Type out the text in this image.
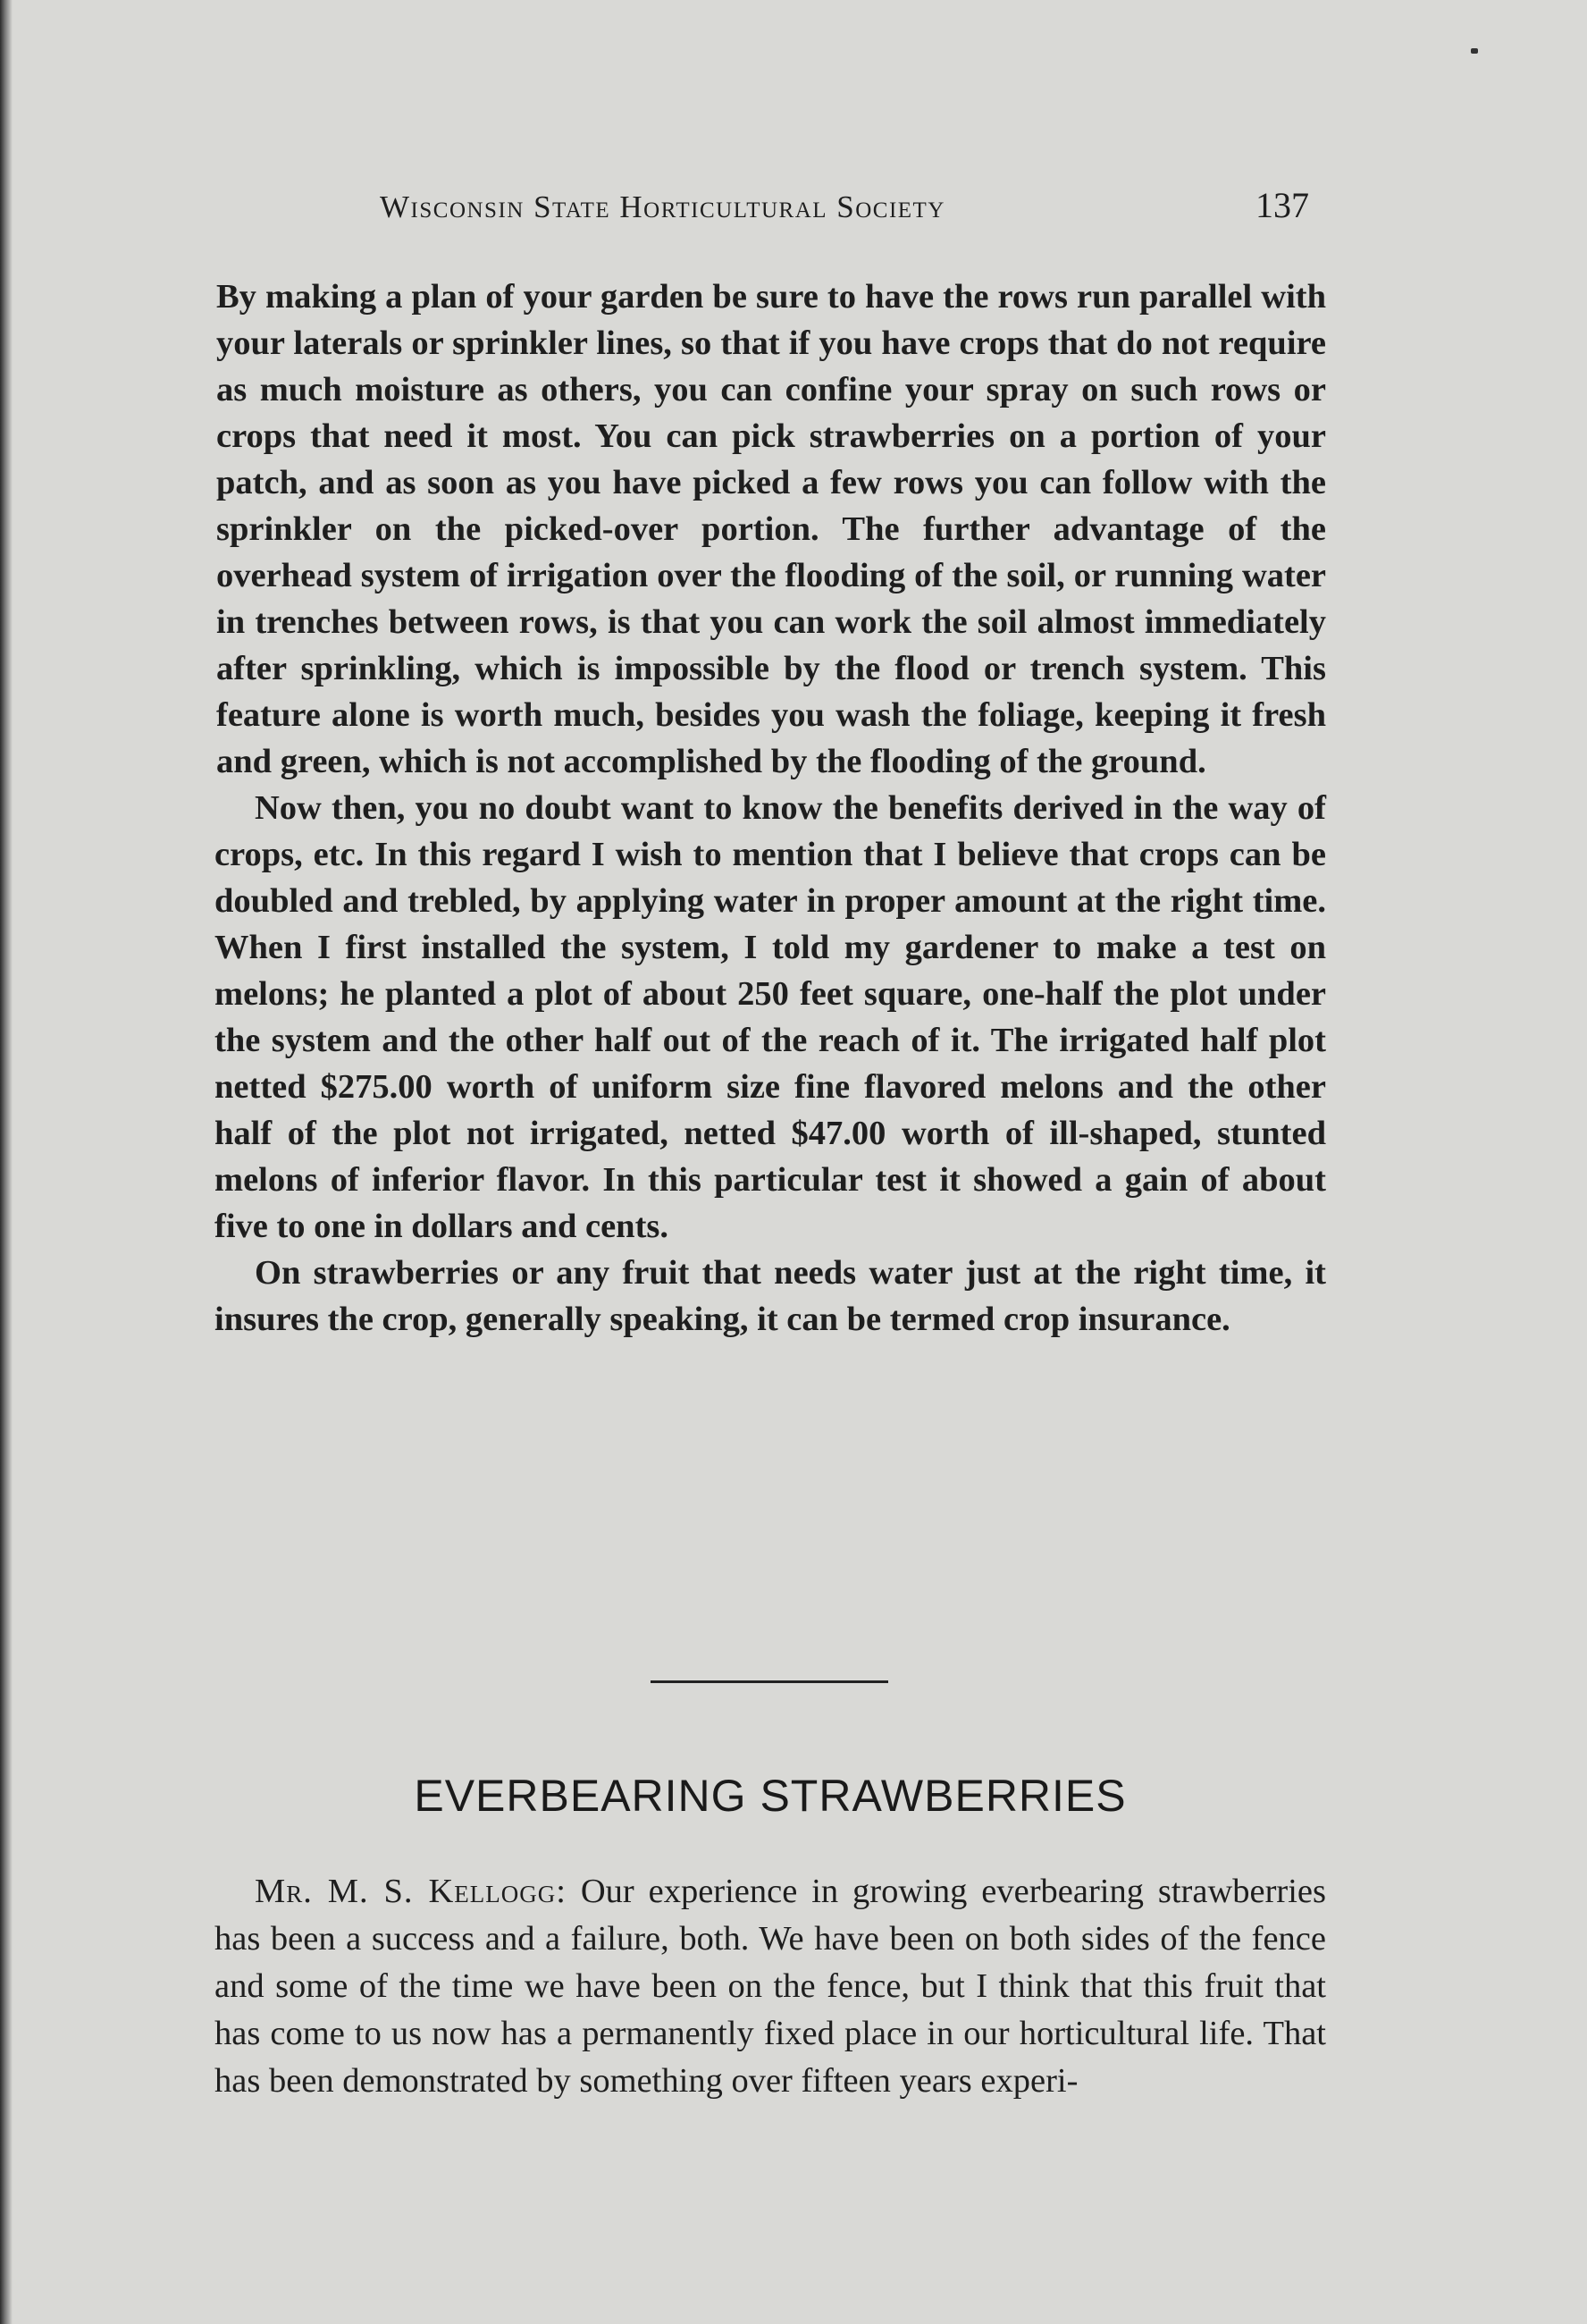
Wisconsin State Horticultural Society	137

By making a plan of your garden be sure to have the rows run parallel with your laterals or sprinkler lines, so that if you have crops that do not require as much moisture as others, you can confine your spray on such rows or crops that need it most. You can pick strawberries on a portion of your patch, and as soon as you have picked a few rows you can follow with the sprinkler on the picked-over portion. The further advantage of the overhead system of irrigation over the flooding of the soil, or running water in trenches between rows, is that you can work the soil almost immediately after sprinkling, which is impossible by the flood or trench system. This feature alone is worth much, besides you wash the foliage, keeping it fresh and green, which is not accomplished by the flooding of the ground.

Now then, you no doubt want to know the benefits derived in the way of crops, etc. In this regard I wish to mention that I believe that crops can be doubled and trebled, by applying water in proper amount at the right time. When I first installed the system, I told my gardener to make a test on melons; he planted a plot of about 250 feet square, one-half the plot under the system and the other half out of the reach of it. The irrigated half plot netted $275.00 worth of uniform size fine flavored melons and the other half of the plot not irrigated, netted $47.00 worth of ill-shaped, stunted melons of inferior flavor. In this particular test it showed a gain of about five to one in dollars and cents.

On strawberries or any fruit that needs water just at the right time, it insures the crop, generally speaking, it can be termed crop insurance.

EVERBEARING STRAWBERRIES

Mr. M. S. Kellogg: Our experience in growing everbearing strawberries has been a success and a failure, both. We have been on both sides of the fence and some of the time we have been on the fence, but I think that this fruit that has come to us now has a permanently fixed place in our horticultural life. That has been demonstrated by something over fifteen years experi-
